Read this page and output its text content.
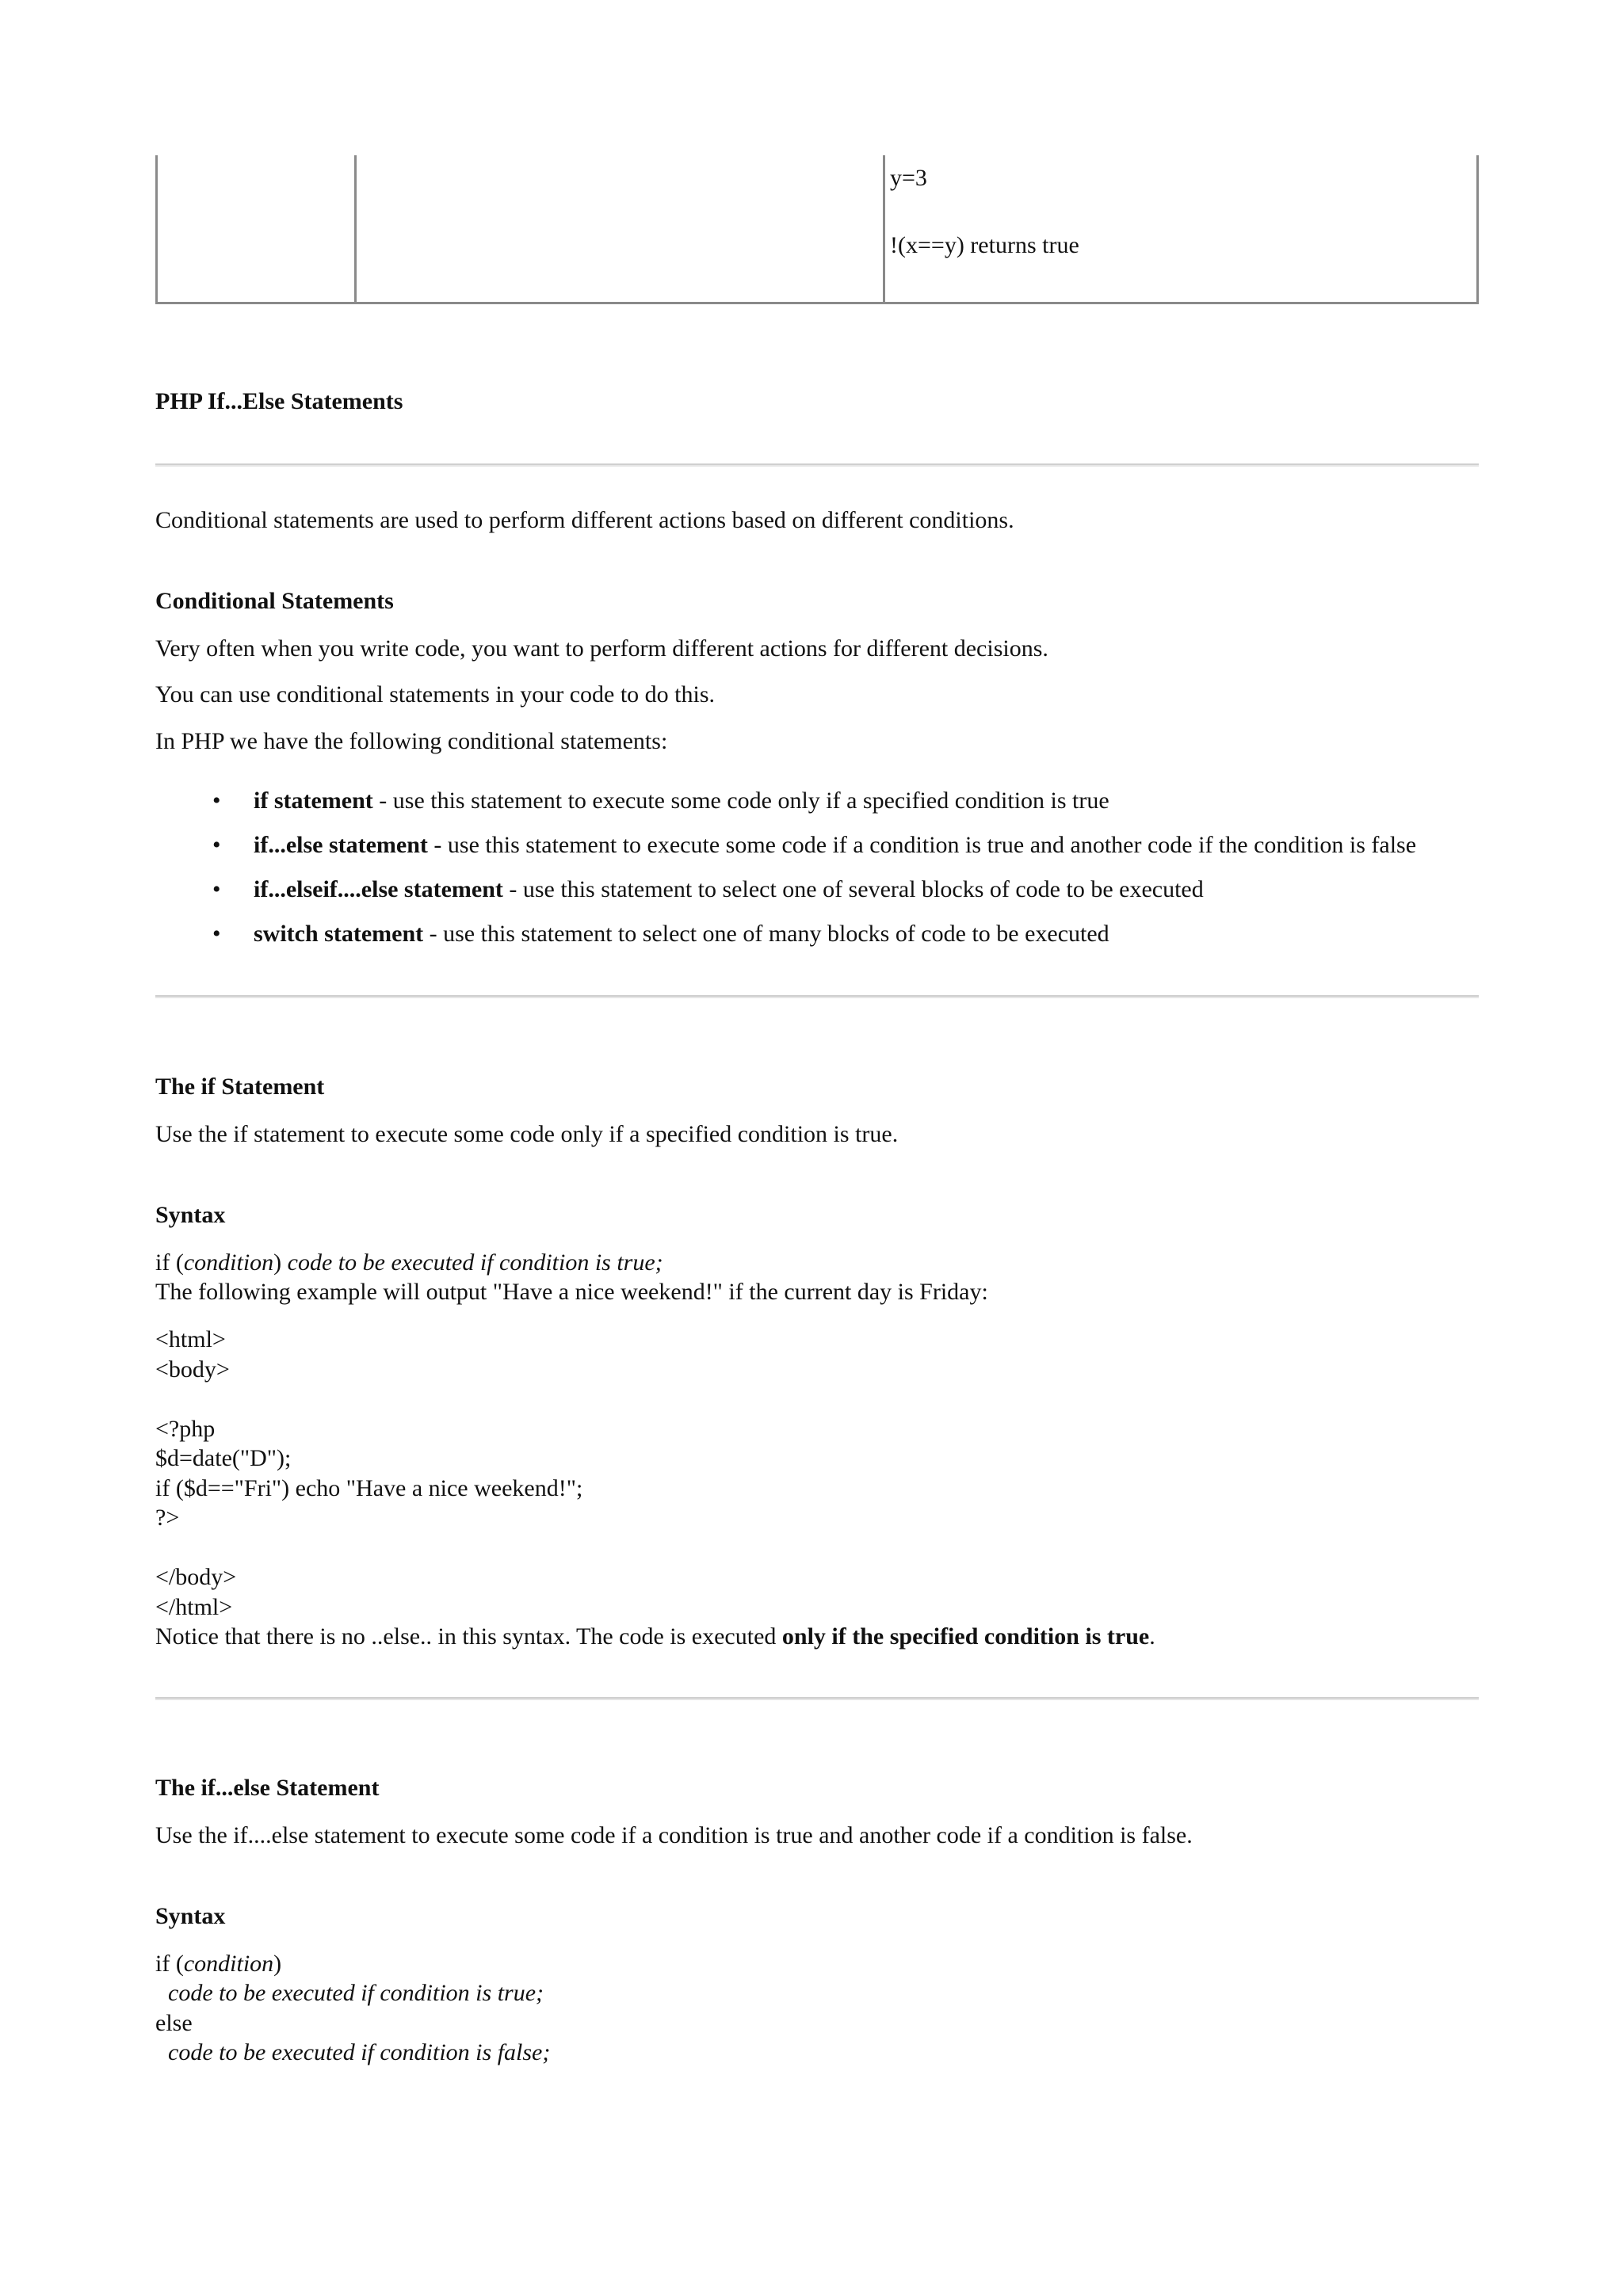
y=3
!(x==y) returns true
PHP If...Else Statements
Conditional statements are used to perform different actions based on different conditions.
Conditional Statements
Very often when you write code, you want to perform different actions for different decisions.
You can use conditional statements in your code to do this.
In PHP we have the following conditional statements:
• if statement - use this statement to execute some code only if a specified condition is true
• if...else statement - use this statement to execute some code if a condition is true and another code if the condition is false
• if...elseif....else statement - use this statement to select one of several blocks of code to be executed
• switch statement - use this statement to select one of many blocks of code to be executed
The if Statement
Use the if statement to execute some code only if a specified condition is true.
Syntax
if (condition) code to be executed if condition is true;
The following example will output "Have a nice weekend!" if the current day is Friday:
<html>
<body>
<?php
$d=date("D");
if ($d=="Fri") echo "Have a nice weekend!";
?>
</body>
</html>
Notice that there is no ..else.. in this syntax. The code is executed only if the specified condition is true.
The if...else Statement
Use the if....else statement to execute some code if a condition is true and another code if a condition is false.
Syntax
if (condition)
code to be executed if condition is true;
else
code to be executed if condition is false;
